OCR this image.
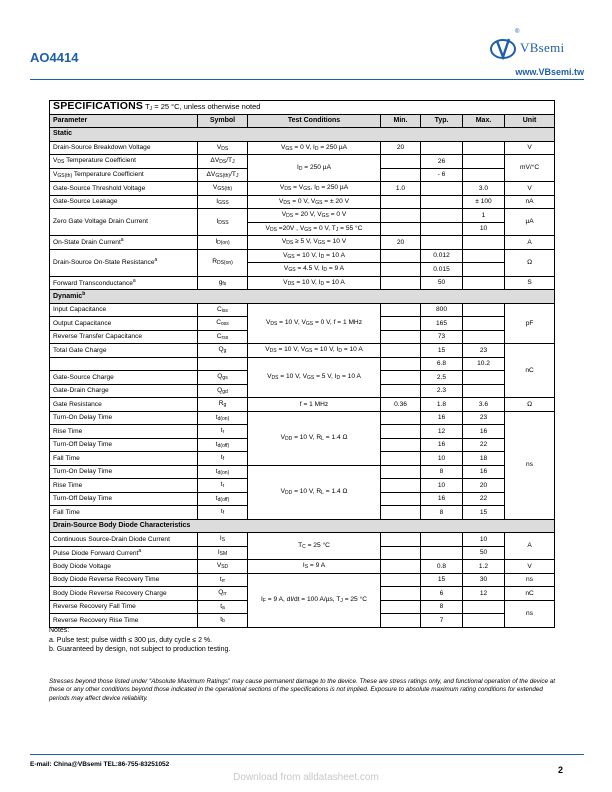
AO4414
®
VBsemi
www.VBsemi.tw
SPECIFICATIONS $T_J = 25$ °C, unless otherwise noted						
Parameter	Symbol	Test Conditions	Min.	Typ.	Max.	Unit
Static						
Drain-Source Breakdown Voltage	$V_{DS}$	$V_{GS} = 0$ V, $I_D = 250$ µA	20			V
$V_{DS}$ Temperature Coefficient	$\Delta V_{DS}/T_J$	$I_D = 250$ µA		26		mV/°C
$V_{GS(th)}$ Temperature Coefficient	$\Delta V_{GS(th)}/T_J$			- 6		
Gate-Source Threshold Voltage	$V_{GS(th)}$	$V_{DS} = V_{GS}$, $I_D = 250$ µA	1.0		3.0	V
Gate-Source Leakage	$I_{GSS}$	$V_{DS} = 0$ V, $V_{GS}$ = ± 20 V			± 100	nA
Zero Gate Voltage Drain Current	$I_{DSS}$	$V_{DS} = 20$ V, $V_{GS} = 0$ V			1	µA
		$V_{DS} =20V$ , $V_{GS} = 0$ V, $T_J = 55$ °C			10	
On-State Drain Current$^a$	$I_{D(on)}$	$V_{DS} \ge 5$ V, $V_{GS} = 10$ V	20			A
Drain-Source On-State Resistance$^a$	$R_{DS(on)}$	$V_{GS} = 10$ V, $I_D = 10$ A		0.012		Ω
		$V_{GS} = 4.5$ V, $I_D = 9$ A		0.015		
Forward Transconductance$^a$	$g_{fs}$	$V_{DS} = 10$ V, $I_D = 10$ A		50		S
Dynamic$^b$
Input Capacitance	$C_{iss}$	$V_{DS} = 10$ V, $V_{GS} = 0$ V, f = 1 MHz		800		pF
Output Capacitance	$C_{oss}$			165		
Reverse Transfer Capacitance	$C_{rss}$			73		
Total Gate Charge	$Q_g$	$V_{DS} = 10$ V, $V_{GS} = 10$ V, $I_D = 10$ A		15	23	nC
		$V_{DS} = 10$ V, $V_{GS} = 5$ V, $I_D = 10$ A		6.8	10.2	
Gate-Source Charge	$Q_{gs}$			2.5		
Gate-Drain Charge	$Q_{gd}$			2.3		
Gate Resistance	$R_g$	f = 1 MHz	0.36	1.8	3.6	Ω
Turn-On Delay Time	$t_{d(on)}$	$V_{DD} = 10$ V, $R_L = 1.4$ Ω		16	23	ns
Rise Time	$t_r$			12	16	
Turn-Off Delay Time	$t_{d(off)}$			16	22	
Fall Time	$t_f$			10	18	
Turn-On Delay Time	$t_{d(on)}$	$V_{DD} = 10$ V, $R_L = 1.4$ Ω		8	16	
Rise Time	$t_r$			10	20	
Turn-Off Delay Time	$t_{d(off)}$			16	22	
Fall Time	$t_f$			8	15	
Drain-Source Body Diode Characteristics						
Continuous Source-Drain Diode Current	$I_S$	$T_C = 25$ °C			10	A
Pulse Diode Forward Current$^a$	$I_{SM}$				50	
Body Diode Voltage	$V_{SD}$	$I_S = 9$ A		0.8	1.2	V
Body Diode Reverse Recovery Time	$t_{rr}$	$I_F = 9$ A, dI/dt = 100 A/µs, $T_J = 25$ °C		15	30	ns
Body Diode Reverse Recovery Charge	$Q_{rr}$			6	12	nC
Reverse Recovery Fall Time	$t_a$			8		ns
Reverse Recovery Rise Time	$t_b$			7		
Notes:
a. Pulse test; pulse width ≤ 300 µs, duty cycle ≤ 2 %.
b. Guaranteed by design, not subject to production testing.
Stresses beyond those listed under “Absolute Maximum Ratings” may cause permanent damage to the device. These are stress ratings only, and functional operation of the device at these or any other conditions beyond those indicated in the operational sections of the specifications is not implied. Exposure to absolute maximum rating conditions for extended periods may affect device reliability.
E-mail: China@VBsemi TEL:86-755-83251052
2
Download from alldatasheet.com
